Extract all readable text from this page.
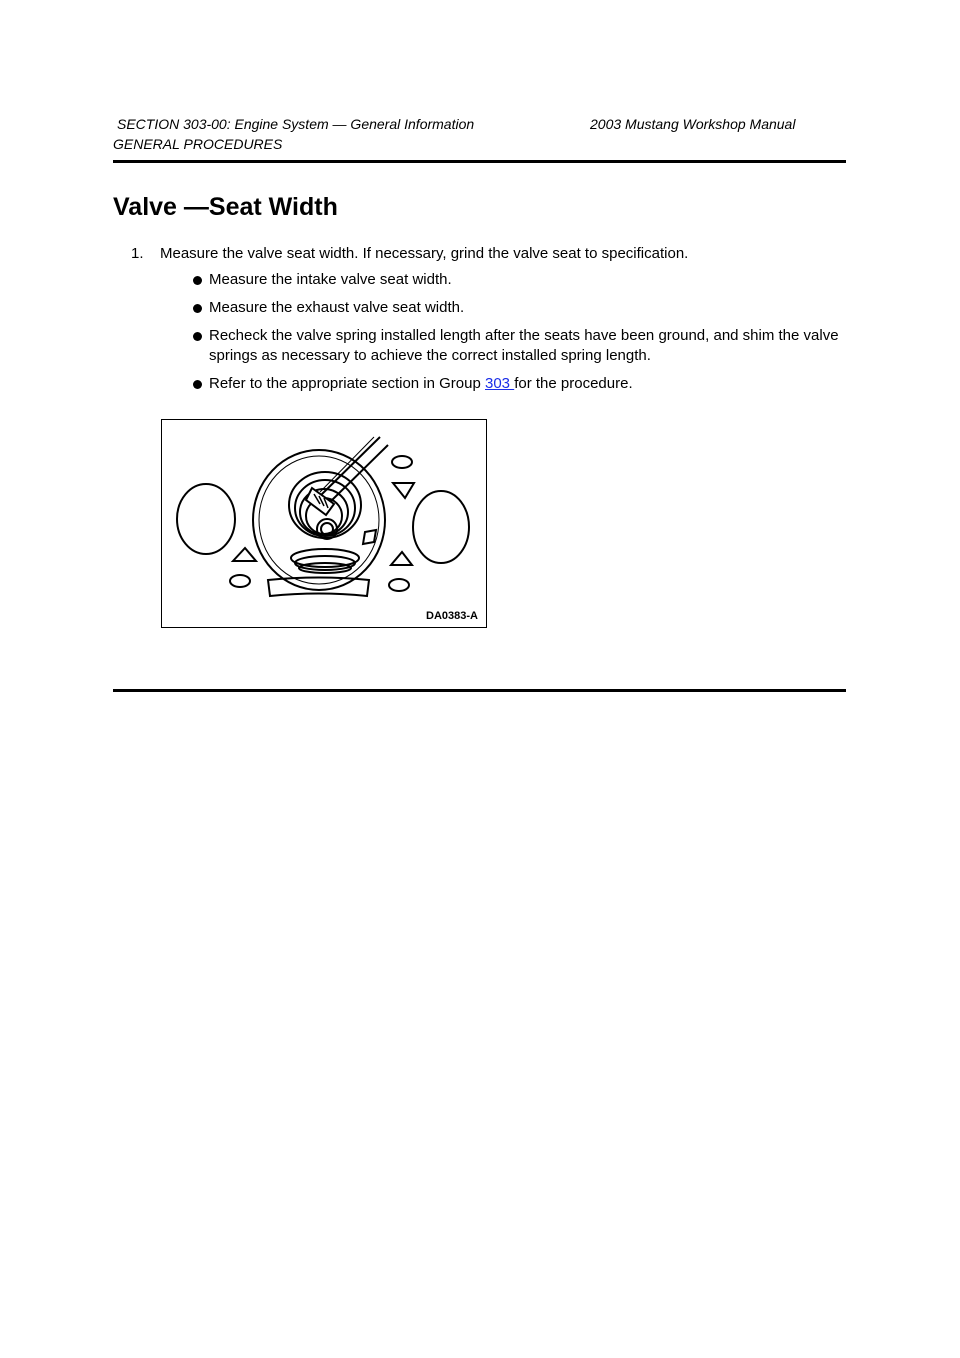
SECTION 303-00: Engine System — General Information	2003 Mustang Workshop Manual
GENERAL PROCEDURES
Valve —Seat Width
1. Measure the valve seat width. If necessary, grind the valve seat to specification.
Measure the intake valve seat width.
Measure the exhaust valve seat width.
Recheck the valve spring installed length after the seats have been ground, and shim the valve springs as necessary to achieve the correct installed spring length.
Refer to the appropriate section in Group 303 for the procedure.
DA0383-A
